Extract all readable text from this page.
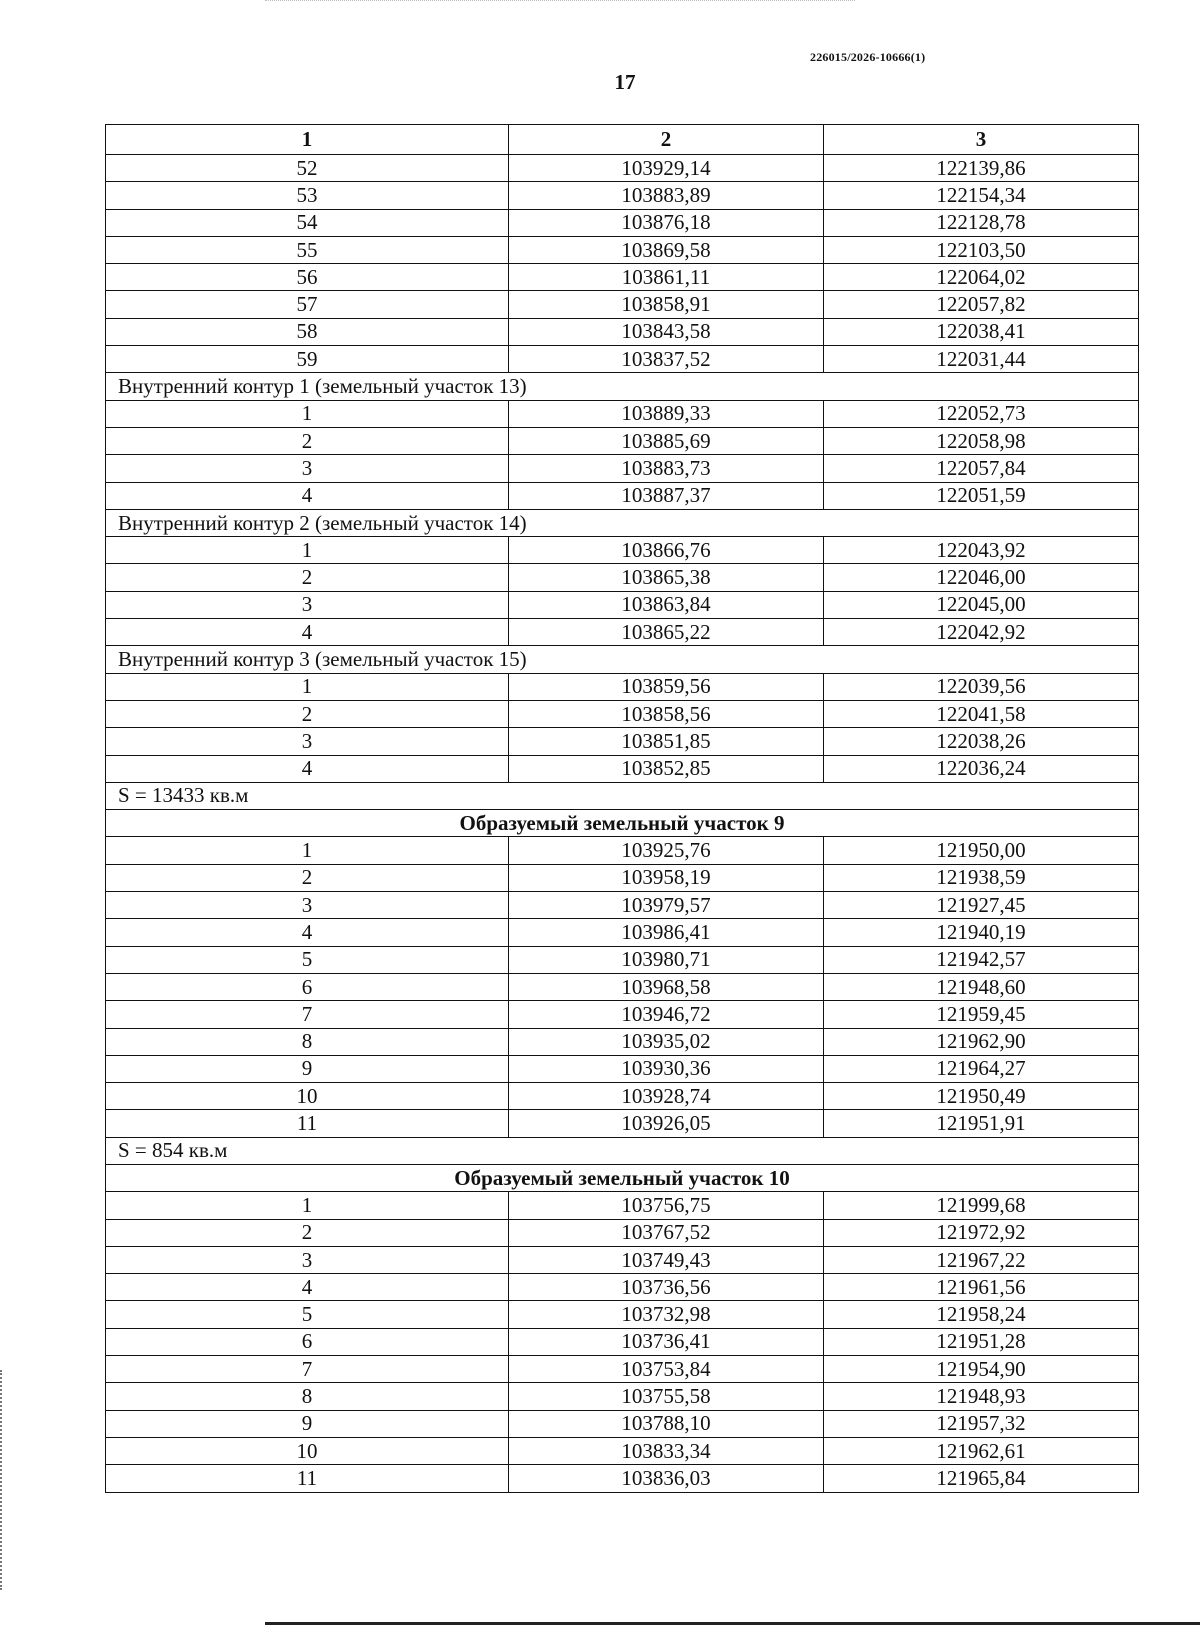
226015/2026-10666(1)
17
1	2	3
52	103929,14	122139,86
53	103883,89	122154,34
54	103876,18	122128,78
55	103869,58	122103,50
56	103861,11	122064,02
57	103858,91	122057,82
58	103843,58	122038,41
59	103837,52	122031,44
Внутренний контур 1 (земельный участок 13)		
1	103889,33	122052,73
2	103885,69	122058,98
3	103883,73	122057,84
4	103887,37	122051,59
Внутренний контур 2 (земельный участок 14)		
1	103866,76	122043,92
2	103865,38	122046,00
3	103863,84	122045,00
4	103865,22	122042,92
Внутренний контур 3 (земельный участок 15)		
1	103859,56	122039,56
2	103858,56	122041,58
3	103851,85	122038,26
4	103852,85	122036,24
S = 13433 кв.м		
Образуемый земельный участок 9		
1	103925,76	121950,00
2	103958,19	121938,59
3	103979,57	121927,45
4	103986,41	121940,19
5	103980,71	121942,57
6	103968,58	121948,60
7	103946,72	121959,45
8	103935,02	121962,90
9	103930,36	121964,27
10	103928,74	121950,49
11	103926,05	121951,91
S = 854 кв.м		
Образуемый земельный участок 10		
1	103756,75	121999,68
2	103767,52	121972,92
3	103749,43	121967,22
4	103736,56	121961,56
5	103732,98	121958,24
6	103736,41	121951,28
7	103753,84	121954,90
8	103755,58	121948,93
9	103788,10	121957,32
10	103833,34	121962,61
11	103836,03	121965,84
